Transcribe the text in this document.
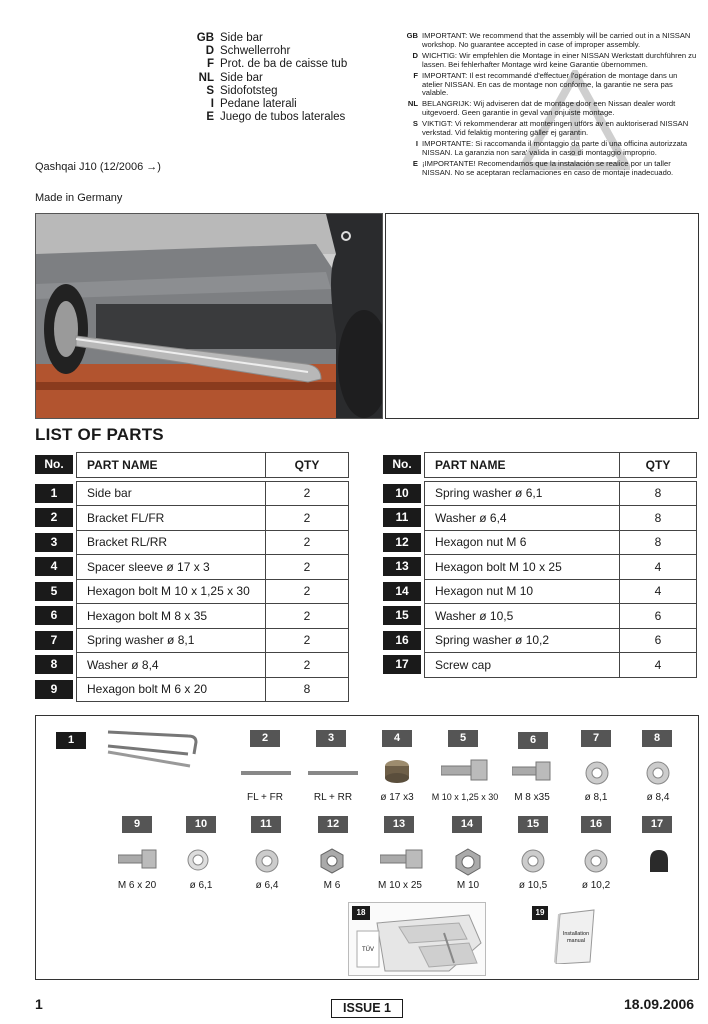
GB Side bar
D Schwellerrohr
F Prot. de ba de caisse tub
NL Side bar
S Sidofotsteg
I Pedane laterali
E Juego de tubos laterales
GB IMPORTANT: We recommend that the assembly will be carried out in a NISSAN workshop. No guarantee accepted in case of improper assembly.
D WICHTIG: Wir empfehlen die Montage in einer NISSAN Werkstatt durchführen zu lassen. Bei fehlerhafter Montage wird keine Garantie übernommen.
F IMPORTANT: Il est recommandé d'effectuer l'opération de montage dans un atelier NISSAN. En cas de montage non conforme, la garantie ne sera pas valable.
NL BELANGRIJK: Wij adviseren dat de montage door een Nissan dealer wordt uitgevoerd. Geen garantie in geval van onjuiste montage.
S VIKTIGT: Vi rekommenderar att monteringen utförs av en auktoriserad NISSAN verkstad. Vid felaktig montering gäller ej garantin.
I IMPORTANTE: Si raccomanda il montaggio da parte di una officina autorizzata NISSAN. La garanzia non sara' valida in caso di montaggio improprio.
E ¡IMPORTANTE! Recomendamos que la instalación se realice por un taller NISSAN. No se aceptaran reclamaciones en caso de montaje inadecuado.
Qashqai J10 (12/2006 →)
Made in Germany
LIST OF PARTS
No.	PART NAME	QTY

1	Side bar	2

2	Bracket FL/FR	2

3	Bracket RL/RR	2

4	Spacer sleeve ø 17 x 3	2

5	Hexagon bolt M 10 x 1,25 x 30	2

6	Hexagon bolt M 8 x 35	2

7	Spring washer ø 8,1	2

8	Washer ø 8,4	2

9	Hexagon bolt M 6 x 20	8
No.	PART NAME	QTY

10	Spring washer ø 6,1	8

11	Washer ø 6,4	8

12	Hexagon nut M 6	8

13	Hexagon bolt M 10 x 25	4

14	Hexagon nut M 10	4

15	Washer ø 10,5	6

16	Spring washer ø 10,2	6

17	Screw cap	4
1	2	3	4	5	6	7	8
FL + FR	RL + RR	ø 17 x3	M 10 x 1,25 x 30	M 8 x35	ø 8,1	ø 8,4
9	10	11	12	13	14	15	16	17
M 6 x 20	ø 6,1	ø 6,4	M 6	M 10 x 25	M 10	ø 10,5	ø 10,2
18
TÜV
19
Installation
manual
1	ISSUE 1	18.09.2006
